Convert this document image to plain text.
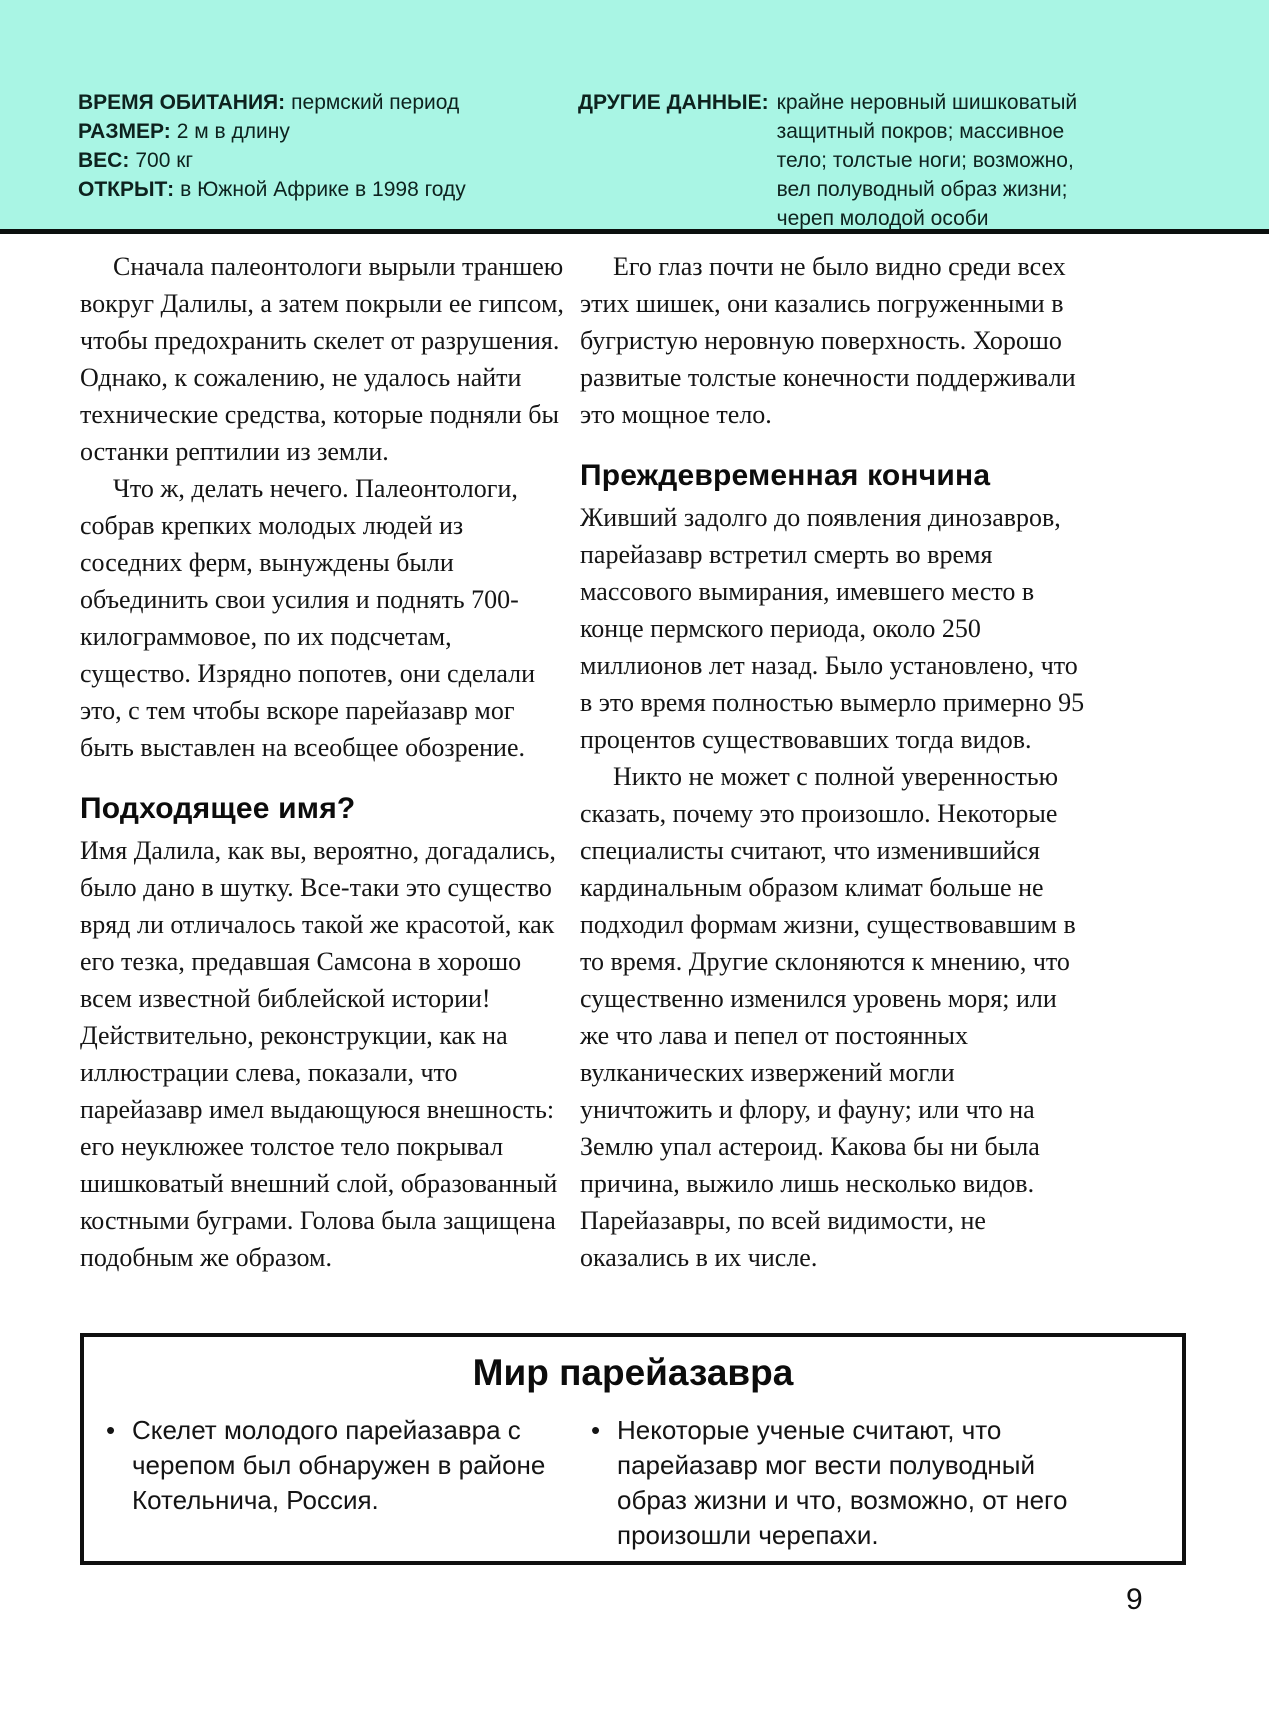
ВРЕМЯ ОБИТАНИЯ: пермский период
РАЗМЕР: 2 м в длину
ВЕС: 700 кг
ОТКРЫТ: в Южной Африке в 1998 году
ДРУГИЕ ДАННЫЕ: крайне неровный шишковатый защитный покров; массивное тело; толстые ноги; возможно, вел полуводный образ жизни; череп молодой особи

Сначала палеонтологи вырыли траншею вокруг Далилы, а затем покрыли ее гипсом, чтобы предохранить скелет от разрушения. Однако, к сожалению, не удалось найти технические средства, которые подняли бы останки рептилии из земли.

Что ж, делать нечего. Палеонтологи, собрав крепких молодых людей из соседних ферм, вынуждены были объединить свои усилия и поднять 700-килограммовое, по их подсчетам, существо. Изрядно попотев, они сделали это, с тем чтобы вскоре парейазавр мог быть выставлен на всеобщее обозрение.

Подходящее имя?

Имя Далила, как вы, вероятно, догадались, было дано в шутку. Все-таки это существо вряд ли отличалось такой же красотой, как его тезка, предавшая Самсона в хорошо всем известной библейской истории! Действительно, реконструкции, как на иллюстрации слева, показали, что парейазавр имел выдающуюся внешность: его неуклюжее толстое тело покрывал шишковатый внешний слой, образованный костными буграми. Голова была защищена подобным же образом.

Его глаз почти не было видно среди всех этих шишек, они казались погруженными в бугристую неровную поверхность. Хорошо развитые толстые конечности поддерживали это мощное тело.

Преждевременная кончина

Живший задолго до появления динозавров, парейазавр встретил смерть во время массового вымирания, имевшего место в конце пермского периода, около 250 миллионов лет назад. Было установлено, что в это время полностью вымерло примерно 95 процентов существовавших тогда видов.

Никто не может с полной уверенностью сказать, почему это произошло. Некоторые специалисты считают, что изменившийся кардинальным образом климат больше не подходил формам жизни, существовавшим в то время. Другие склоняются к мнению, что существенно изменился уровень моря; или же что лава и пепел от постоянных вулканических извержений могли уничтожить и флору, и фауну; или что на Землю упал астероид. Какова бы ни была причина, выжило лишь несколько видов. Парейазавры, по всей видимости, не оказались в их числе.

Мир парейазавра
• Скелет молодого парейазавра с черепом был обнаружен в районе Котельнича, Россия.
• Некоторые ученые считают, что парейазавр мог вести полуводный образ жизни и что, возможно, от него произошли черепахи.
9
